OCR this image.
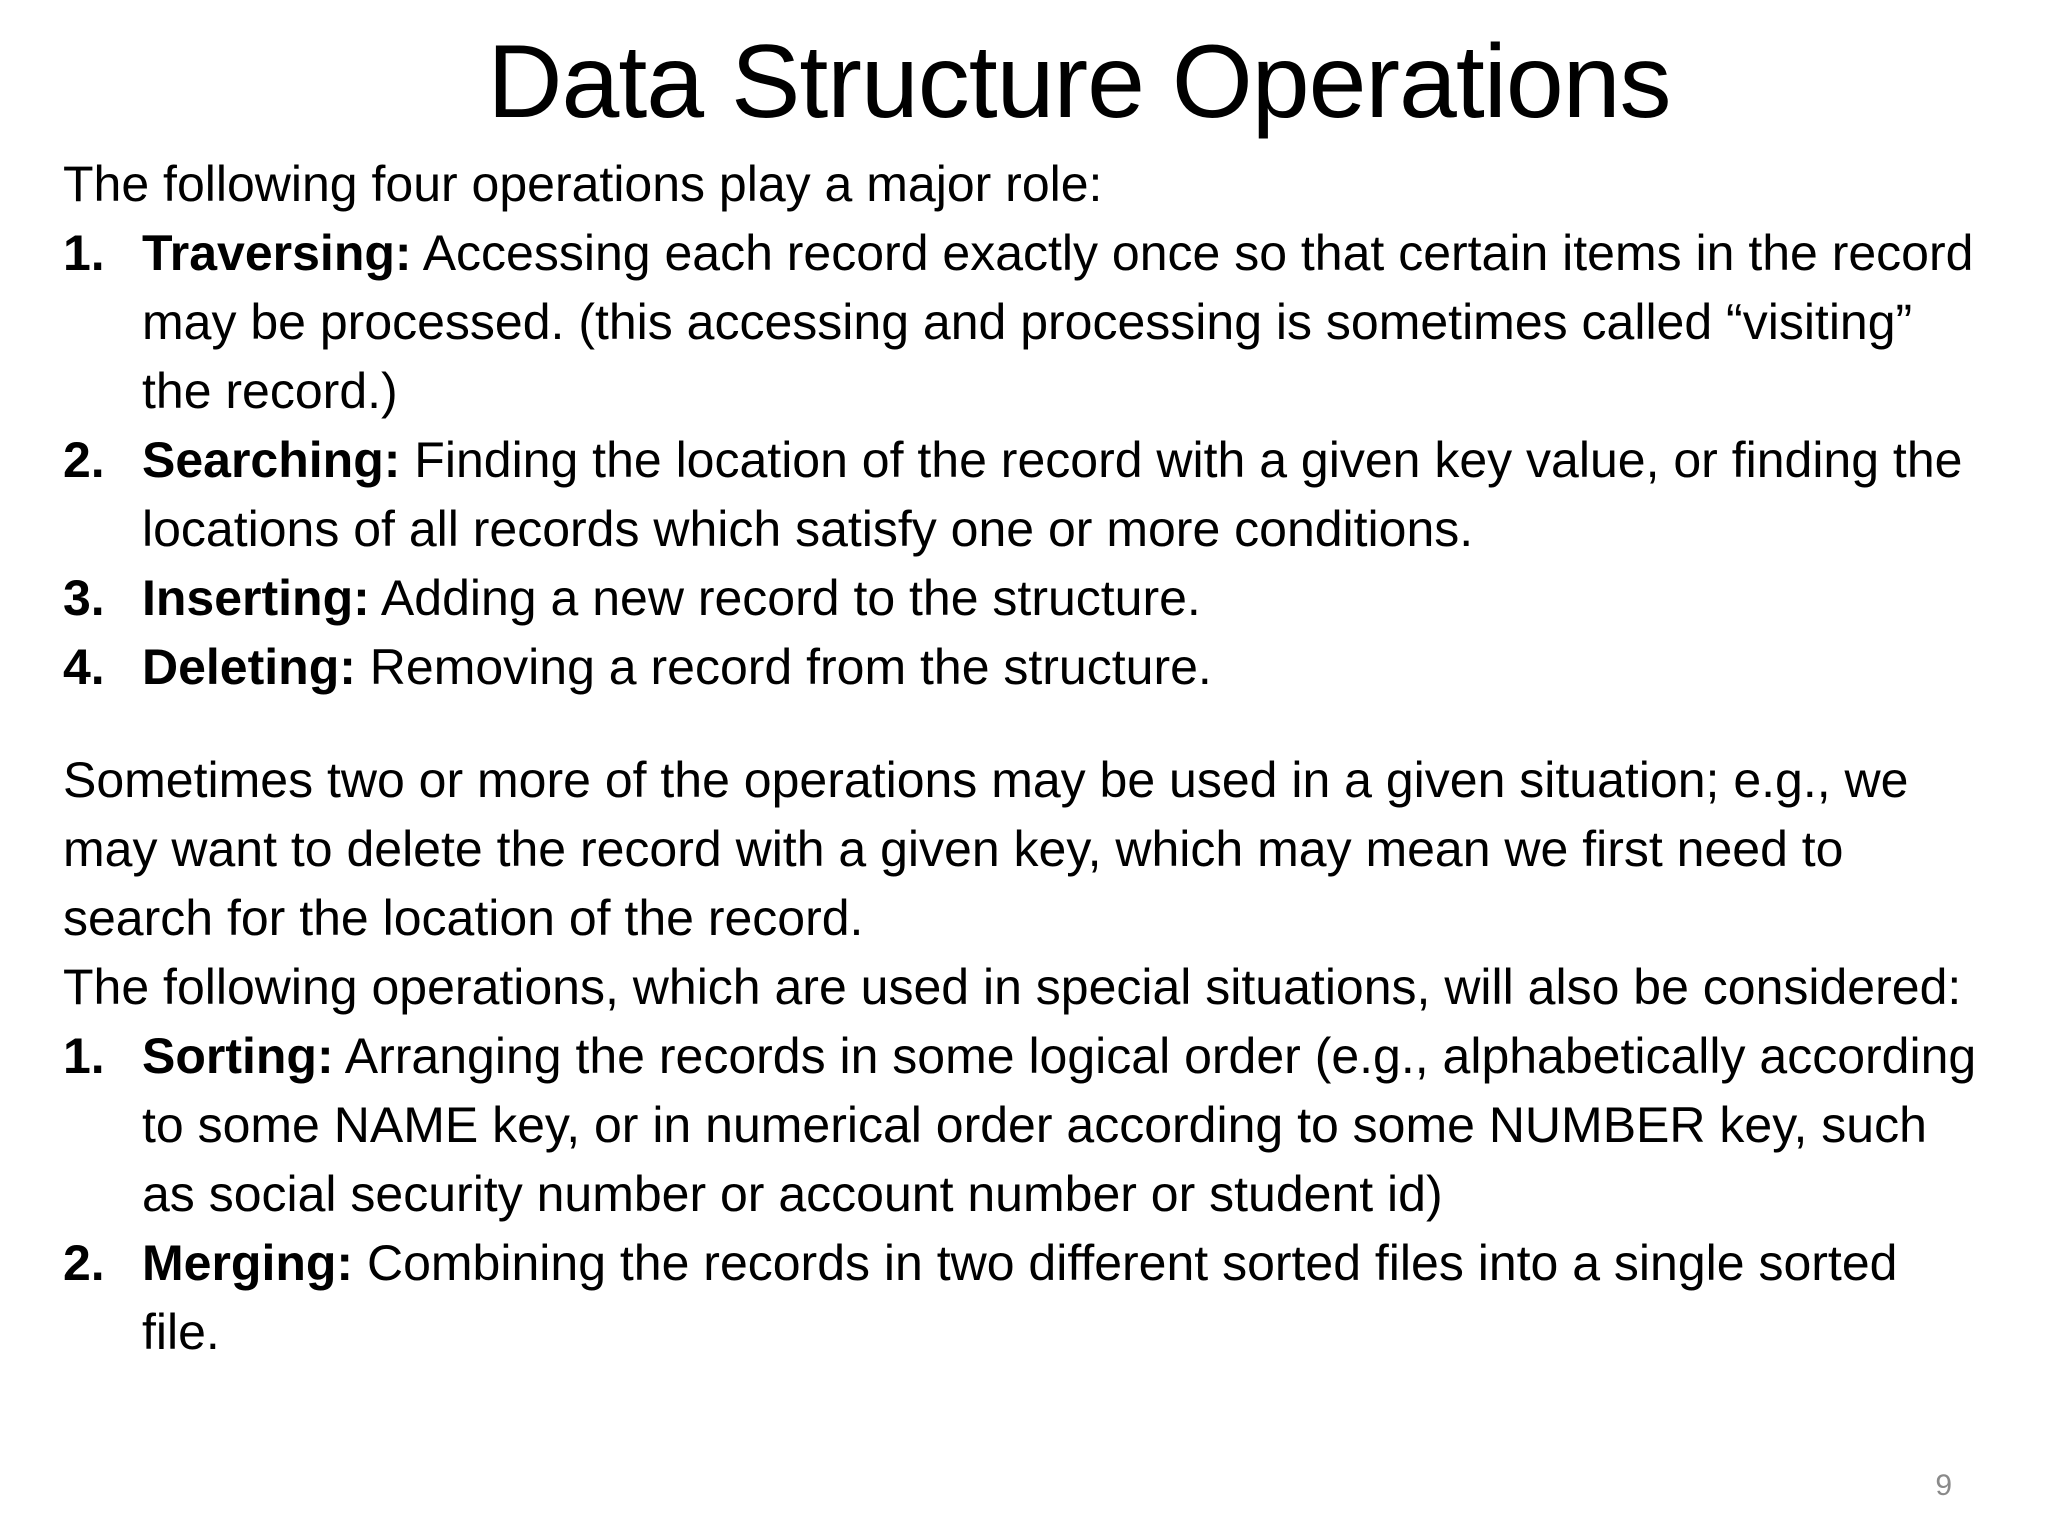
Data Structure Operations

The following four operations play a major role:

1. Traversing: Accessing each record exactly once so that certain items in the record may be processed. (this accessing and processing is sometimes called “visiting” the record.)
2. Searching: Finding the location of the record with a given key value, or finding the locations of all records which satisfy one or more conditions.
3. Inserting: Adding a new record to the structure.
4. Deleting: Removing a record from the structure.

Sometimes two or more of the operations may be used in a given situation; e.g., we may want to delete the record with a given key, which may mean we first need to search for the location of the record.

The following operations, which are used in special situations, will also be considered:

1. Sorting: Arranging the records in some logical order (e.g., alphabetically according to some NAME key, or in numerical order according to some NUMBER key, such as social security number or account number or student id)
2. Merging: Combining the records in two different sorted files into a single sorted file.
9
